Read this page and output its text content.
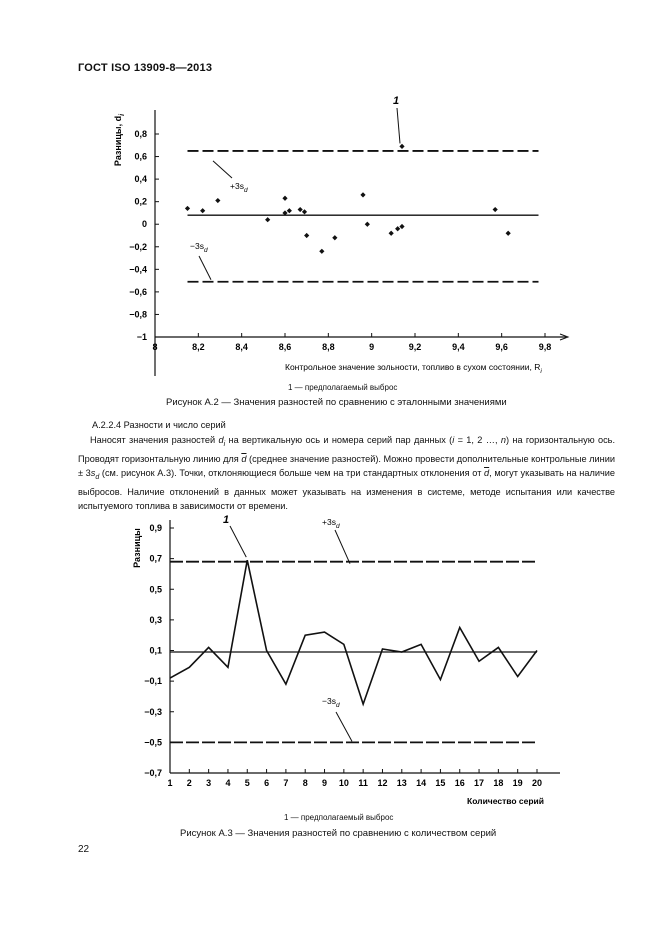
ГОСТ ISO 13909-8—2013
0,8
0,6
0,4
0,2
0
−0,2
−0,4
−0,6
−0,8
−1
8	8,2	8,4	8,6	8,8	9	9,2	9,4	9,6	9,8
$+3s_d$
$-3s_d$
1
Разницы, $d_i$
Контрольное значение зольности, топливо в сухом состоянии, $R_i$
0,9
0,7
0,5
0,3
0,1
−0,1
−0,3
−0,5
−0,7
1 2 3 4 5 6 7 8 9 10 11 12 13 14 15 16 17 18 19 20
1	$+3s_d$
$-3s_d$
Разницы
Количество серий
1 — предполагаемый выброс
Рисунок А.2 — Значения разностей по сравнению с эталонными значениями
А.2.2.4 Разности и число серий

Наносят значения разностей $d_i$ на вертикальную ось и номера серий пар данных (i = 1, 2 …, n) на горизонтальную ось. Проводят горизонтальную линию для $\overline{d}$ (среднее значение разностей). Можно провести дополнительные контрольные линии ± $3s_d$ (см. рисунок А.3). Точки, отклоняющиеся больше чем на три стандартных отклонения от $\overline{d}$, могут указывать на наличие выбросов. Наличие отклонений в данных может указывать на изменения в системе, методе испытания или качестве испытуемого топлива в зависимости от времени.

1 — предполагаемый выброс
Рисунок А.3 — Значения разностей по сравнению с количеством серий
22
